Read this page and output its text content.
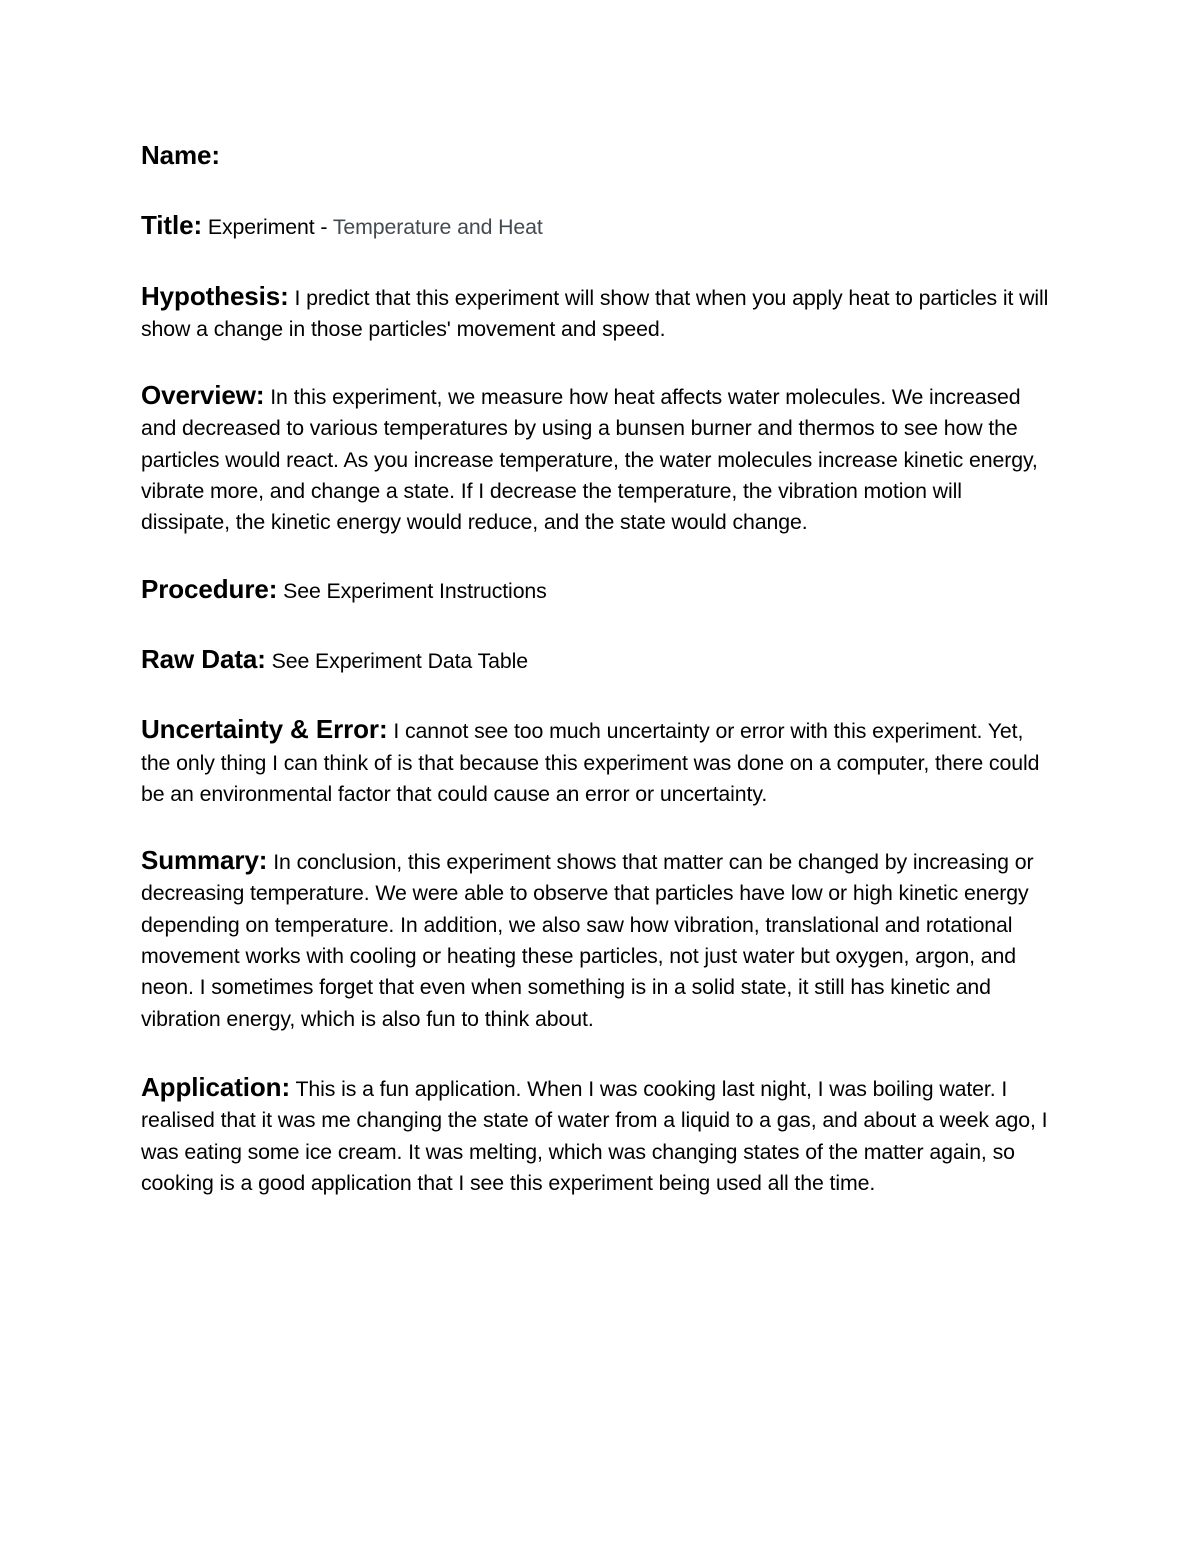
Name:

Title: Experiment - Temperature and Heat

Hypothesis: I predict that this experiment will show that when you apply heat to particles it will show a change in those particles' movement and speed.

Overview: In this experiment, we measure how heat affects water molecules. We increased and decreased to various temperatures by using a bunsen burner and thermos to see how the particles would react. As you increase temperature, the water molecules increase kinetic energy, vibrate more, and change a state. If I decrease the temperature, the vibration motion will dissipate, the kinetic energy would reduce, and the state would change.

Procedure: See Experiment Instructions

Raw Data: See Experiment Data Table

Uncertainty & Error: I cannot see too much uncertainty or error with this experiment. Yet, the only thing I can think of is that because this experiment was done on a computer, there could be an environmental factor that could cause an error or uncertainty.

Summary: In conclusion, this experiment shows that matter can be changed by increasing or decreasing temperature. We were able to observe that particles have low or high kinetic energy depending on temperature. In addition, we also saw how vibration, translational and rotational movement works with cooling or heating these particles, not just water but oxygen, argon, and neon. I sometimes forget that even when something is in a solid state, it still has kinetic and vibration energy, which is also fun to think about.

Application: This is a fun application. When I was cooking last night, I was boiling water. I realised that it was me changing the state of water from a liquid to a gas, and about a week ago, I was eating some ice cream. It was melting, which was changing states of the matter again, so cooking is a good application that I see this experiment being used all the time.
